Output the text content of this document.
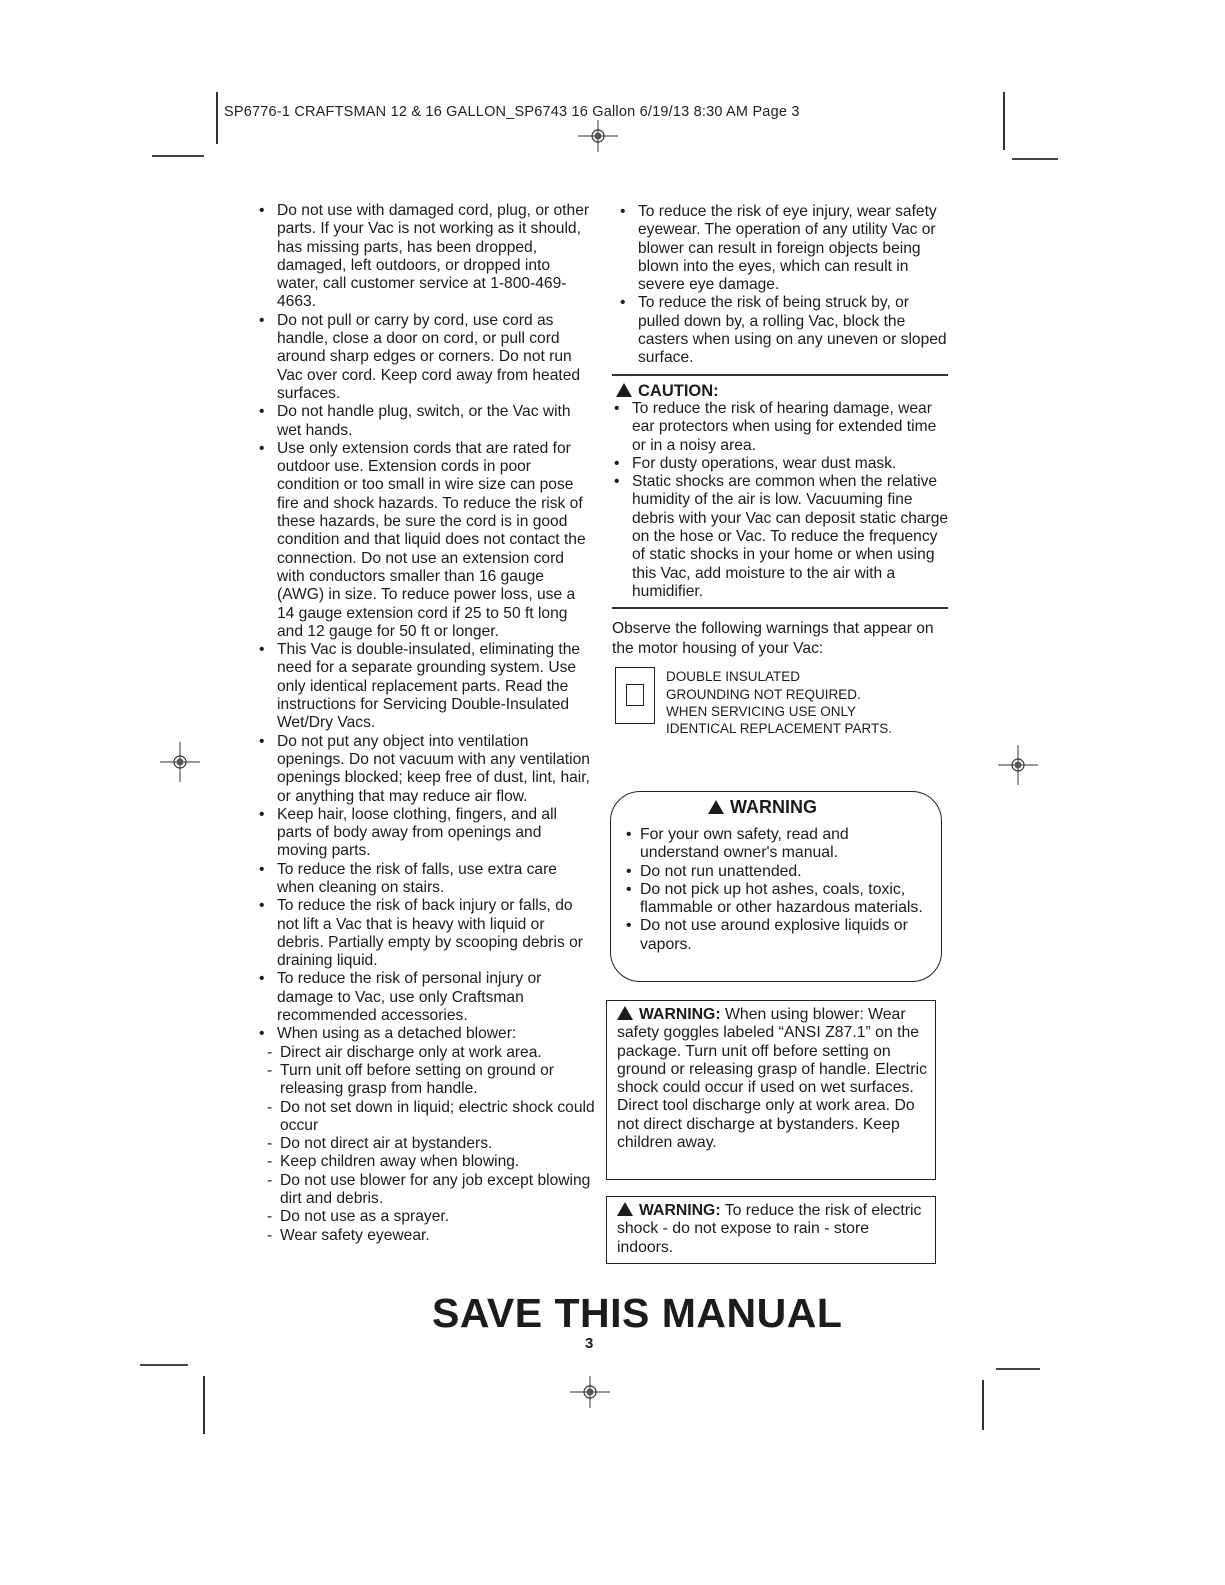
SP6776-1 CRAFTSMAN 12 & 16 GALLON_SP6743 16 Gallon 6/19/13 8:30 AM Page 3
• Do not use with damaged cord, plug, or other parts. If your Vac is not working as it should, has missing parts, has been dropped, damaged, left outdoors, or dropped into water, call customer service at 1-800-469-4663.
• Do not pull or carry by cord, use cord as handle, close a door on cord, or pull cord around sharp edges or corners. Do not run Vac over cord. Keep cord away from heated surfaces.
• Do not handle plug, switch, or the Vac with wet hands.
• Use only extension cords that are rated for outdoor use. Extension cords in poor condition or too small in wire size can pose fire and shock hazards. To reduce the risk of these hazards, be sure the cord is in good condition and that liquid does not contact the connection. Do not use an extension cord with conductors smaller than 16 gauge (AWG) in size. To reduce power loss, use a 14 gauge extension cord if 25 to 50 ft long and 12 gauge for 50 ft or longer.
• This Vac is double-insulated, eliminating the need for a separate grounding system. Use only identical replacement parts. Read the instructions for Servicing Double-Insulated Wet/Dry Vacs.
• Do not put any object into ventilation openings. Do not vacuum with any ventilation openings blocked; keep free of dust, lint, hair, or anything that may reduce air flow.
• Keep hair, loose clothing, fingers, and all parts of body away from openings and moving parts.
• To reduce the risk of falls, use extra care when cleaning on stairs.
• To reduce the risk of back injury or falls, do not lift a Vac that is heavy with liquid or debris. Partially empty by scooping debris or draining liquid.
• To reduce the risk of personal injury or damage to Vac, use only Craftsman recommended accessories.
• When using as a detached blower:
- Direct air discharge only at work area.
- Turn unit off before setting on ground or releasing grasp from handle.
- Do not set down in liquid; electric shock could occur
- Do not direct air at bystanders.
- Keep children away when blowing.
- Do not use blower for any job except blowing dirt and debris.
- Do not use as a sprayer.
- Wear safety eyewear.
• To reduce the risk of eye injury, wear safety eyewear. The operation of any utility Vac or blower can result in foreign objects being blown into the eyes, which can result in severe eye damage.
• To reduce the risk of being struck by, or pulled down by, a rolling Vac, block the casters when using on any uneven or sloped surface.
CAUTION:
• To reduce the risk of hearing damage, wear ear protectors when using for extended time or in a noisy area.
• For dusty operations, wear dust mask.
• Static shocks are common when the relative humidity of the air is low. Vacuuming fine debris with your Vac can deposit static charge on the hose or Vac. To reduce the frequency of static shocks in your home or when using this Vac, add moisture to the air with a humidifier.
Observe the following warnings that appear on the motor housing of your Vac:
DOUBLE INSULATED
GROUNDING NOT REQUIRED.
WHEN SERVICING USE ONLY
IDENTICAL REPLACEMENT PARTS.
WARNING
• For your own safety, read and understand owner's manual.
• Do not run unattended.
• Do not pick up hot ashes, coals, toxic, flammable or other hazardous materials.
• Do not use around explosive liquids or vapors.
WARNING: When using blower: Wear safety goggles labeled “ANSI Z87.1” on the package. Turn unit off before setting on ground or releasing grasp of handle. Electric shock could occur if used on wet surfaces. Direct tool discharge only at work area. Do not direct discharge at bystanders. Keep children away.
WARNING: To reduce the risk of electric shock - do not expose to rain - store indoors.
SAVE THIS MANUAL
3
